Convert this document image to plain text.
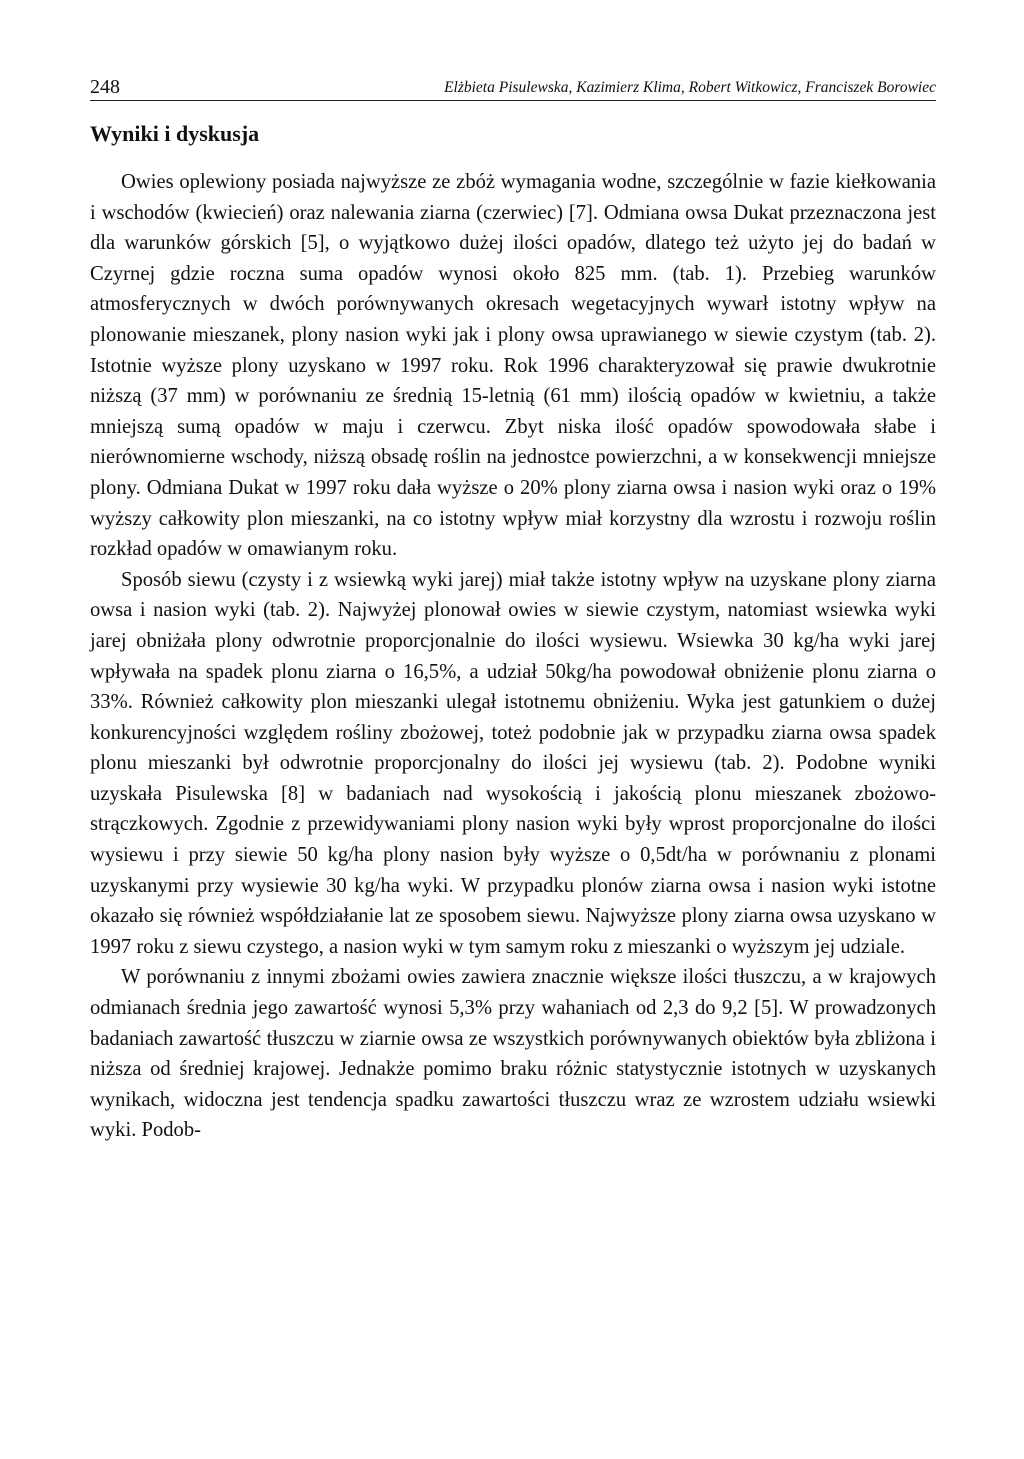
248	Elżbieta Pisulewska, Kazimierz Klima, Robert Witkowicz, Franciszek Borowiec
Wyniki i dyskusja

Owies oplewiony posiada najwyższe ze zbóż wymagania wodne, szczególnie w fazie kiełkowania i wschodów (kwiecień) oraz nalewania ziarna (czerwiec) [7]. Odmiana owsa Dukat przeznaczona jest dla warunków górskich [5], o wyjątkowo dużej ilości opadów, dlatego też użyto jej do badań w Czyrnej gdzie roczna suma opadów wynosi około 825 mm. (tab. 1). Przebieg warunków atmosferycznych w dwóch porównywanych okresach wegetacyjnych wywarł istotny wpływ na plonowanie mieszanek, plony nasion wyki jak i plony owsa uprawianego w siewie czystym (tab. 2). Istotnie wyższe plony uzyskano w 1997 roku. Rok 1996 charakteryzował się prawie dwukrotnie niższą (37 mm) w porównaniu ze średnią 15-letnią (61 mm) ilością opadów w kwietniu, a także mniejszą sumą opadów w maju i czerwcu. Zbyt niska ilość opadów spowodowała słabe i nierównomierne wschody, niższą obsadę roślin na jednostce powierzchni, a w konsekwencji mniejsze plony. Odmiana Dukat w 1997 roku dała wyższe o 20% plony ziarna owsa i nasion wyki oraz o 19% wyższy całkowity plon mieszanki, na co istotny wpływ miał korzystny dla wzrostu i rozwoju roślin rozkład opadów w omawianym roku.

Sposób siewu (czysty i z wsiewką wyki jarej) miał także istotny wpływ na uzyskane plony ziarna owsa i nasion wyki (tab. 2). Najwyżej plonował owies w siewie czystym, natomiast wsiewka wyki jarej obniżała plony odwrotnie proporcjonalnie do ilości wysiewu. Wsiewka 30 kg/ha wyki jarej wpływała na spadek plonu ziarna o 16,5%, a udział 50kg/ha powodował obniżenie plonu ziarna o 33%. Również całkowity plon mieszanki ulegał istotnemu obniżeniu. Wyka jest gatunkiem o dużej konkurencyjności względem rośliny zbożowej, toteż podobnie jak w przypadku ziarna owsa spadek plonu mieszanki był odwrotnie proporcjonalny do ilości jej wysiewu (tab. 2). Podobne wyniki uzyskała Pisulewska [8] w badaniach nad wysokością i jakością plonu mieszanek zbożowo-strączkowych. Zgodnie z przewidywaniami plony nasion wyki były wprost proporcjonalne do ilości wysiewu i przy siewie 50 kg/ha plony nasion były wyższe o 0,5dt/ha w porównaniu z plonami uzyskanymi przy wysiewie 30 kg/ha wyki. W przypadku plonów ziarna owsa i nasion wyki istotne okazało się również współdziałanie lat ze sposobem siewu. Najwyższe plony ziarna owsa uzyskano w 1997 roku z siewu czystego, a nasion wyki w tym samym roku z mieszanki o wyższym jej udziale.

W porównaniu z innymi zbożami owies zawiera znacznie większe ilości tłuszczu, a w krajowych odmianach średnia jego zawartość wynosi 5,3% przy wahaniach od 2,3 do 9,2 [5]. W prowadzonych badaniach zawartość tłuszczu w ziarnie owsa ze wszystkich porównywanych obiektów była zbliżona i niższa od średniej krajowej. Jednakże pomimo braku różnic statystycznie istotnych w uzyskanych wynikach, widoczna jest tendencja spadku zawartości tłuszczu wraz ze wzrostem udziału wsiewki wyki. Podob-
